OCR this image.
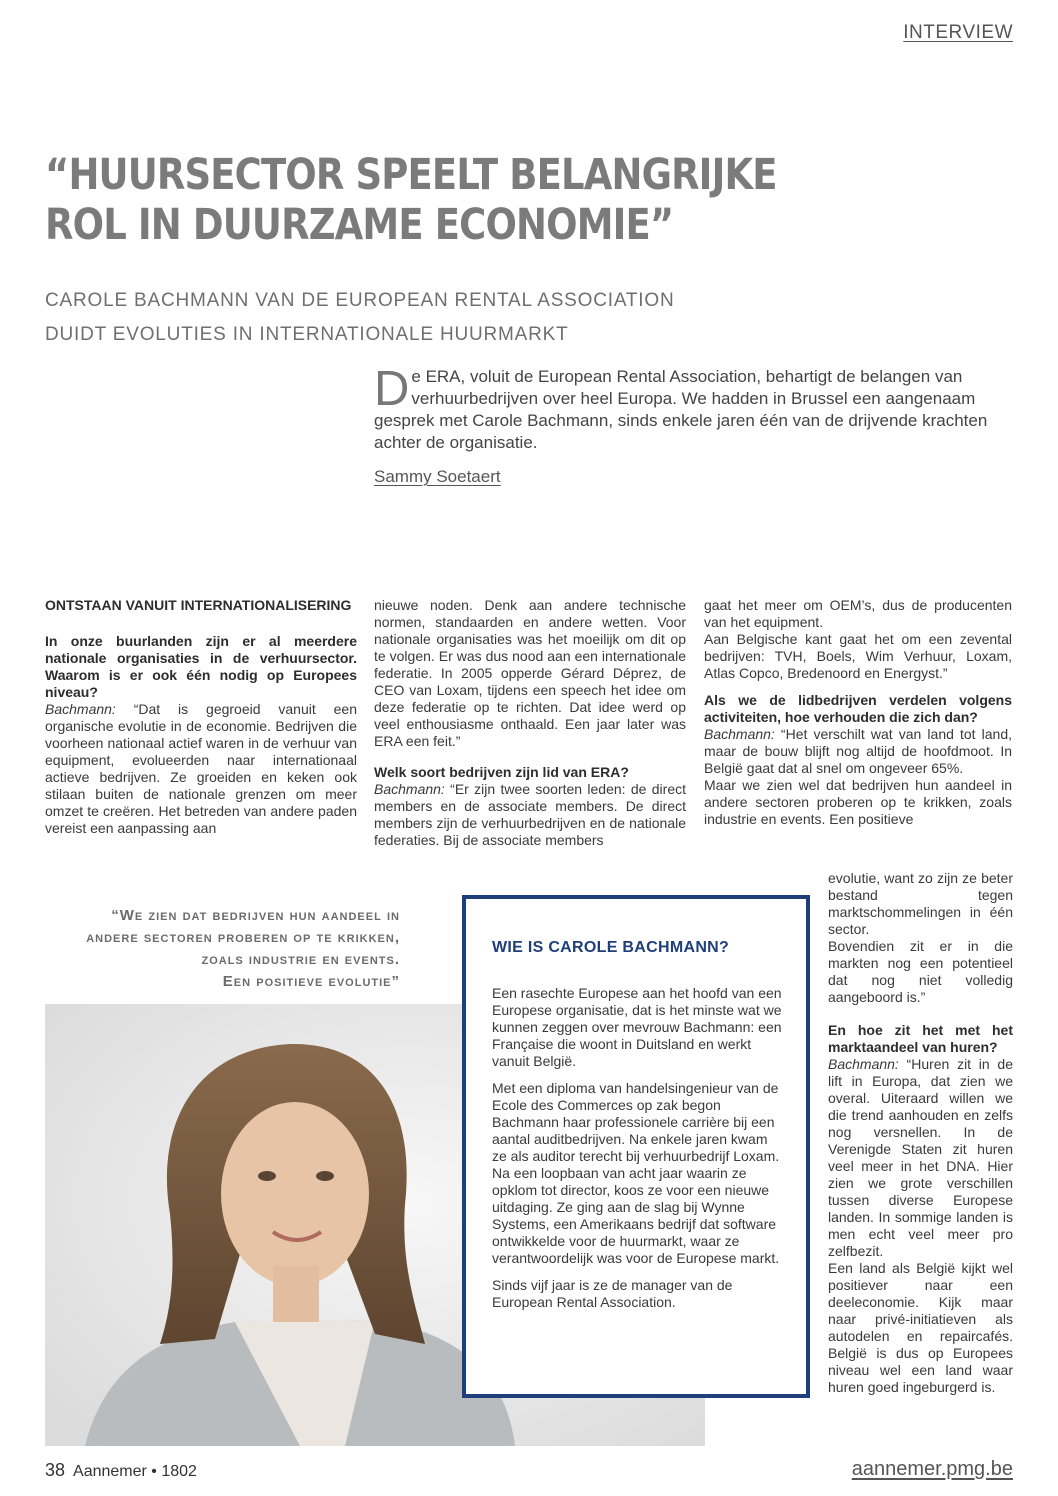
INTERVIEW
“HUURSECTOR SPEELT BELANGRIJKE
ROL IN DUURZAME ECONOMIE”
CAROLE BACHMANN VAN DE EUROPEAN RENTAL ASSOCIATION
DUIDT EVOLUTIES IN INTERNATIONALE HUURMARKT
De ERA, voluit de European Rental Association, behartigt de belangen van verhuurbedrijven over heel Europa. We hadden in Brussel een aangenaam gesprek met Carole Bachmann, sinds enkele jaren één van de drijvende krachten achter de organisatie.
Sammy Soetaert

ONTSTAAN VANUIT INTERNATIONALISERING

In onze buurlanden zijn er al meerdere nationale organisaties in de verhuursector. Waarom is er ook één nodig op Europees niveau?

Bachmann: “Dat is gegroeid vanuit een organische evolutie in de economie. Bedrijven die voorheen nationaal actief waren in de verhuur van equipment, evolueerden naar internationaal actieve bedrijven. Ze groeiden en keken ook stilaan buiten de nationale grenzen om meer omzet te creëren. Het betreden van andere paden vereist een aanpassing aan

nieuwe noden. Denk aan andere technische normen, standaarden en andere wetten. Voor nationale organisaties was het moeilijk om dit op te volgen. Er was dus nood aan een internationale federatie. In 2005 opperde Gérard Déprez, de CEO van Loxam, tijdens een speech het idee om deze federatie op te richten. Dat idee werd op veel enthousiasme onthaald. Een jaar later was ERA een feit.”

Welk soort bedrijven zijn lid van ERA?

Bachmann: “Er zijn twee soorten leden: de direct members en de associate members. De direct members zijn de verhuurbedrijven en de nationale federaties. Bij de associate members

gaat het meer om OEM’s, dus de producenten van het equipment.

Aan Belgische kant gaat het om een zevental bedrijven: TVH, Boels, Wim Verhuur, Loxam, Atlas Copco, Bredenoord en Energyst.”

Als we de lidbedrijven verdelen volgens activiteiten, hoe verhouden die zich dan?

Bachmann: “Het verschilt wat van land tot land, maar de bouw blijft nog altijd de hoofdmoot. In België gaat dat al snel om ongeveer 65%.

Maar we zien wel dat bedrijven hun aandeel in andere sectoren proberen op te krikken, zoals industrie en events. Een positieve

evolutie, want zo zijn ze beter bestand tegen marktschommelingen in één sector.

Bovendien zit er in die markten nog een potentieel dat nog niet volledig aangeboord is.”

En hoe zit het met het marktaandeel van huren?

Bachmann: “Huren zit in de lift in Europa, dat zien we overal. Uiteraard willen we die trend aanhouden en zelfs nog versnellen. In de Verenigde Staten zit huren veel meer in het DNA. Hier zien we grote verschillen tussen diverse Europese landen. In sommige landen is men echt veel meer pro zelfbezit.

Een land als België kijkt wel positiever naar een deeleconomie. Kijk maar naar privé-initiatieven als autodelen en repaircafés. België is dus op Europees niveau wel een land waar huren goed ingeburgerd is.

“We zien dat bedrijven hun aandeel in
andere sectoren proberen op te krikken,
zoals industrie en events.
Een positieve evolutie”
WIE IS CAROLE BACHMANN?

Een rasechte Europese aan het hoofd van een Europese organisatie, dat is het minste wat we kunnen zeggen over mevrouw Bachmann: een Française die woont in Duitsland en werkt vanuit België.

Met een diploma van handelsingenieur van de Ecole des Commerces op zak begon Bachmann haar professionele carrière bij een aantal auditbedrijven. Na enkele jaren kwam ze als auditor terecht bij verhuurbedrijf Loxam. Na een loopbaan van acht jaar waarin ze opklom tot director, koos ze voor een nieuwe uitdaging. Ze ging aan de slag bij Wynne Systems, een Amerikaans bedrijf dat software ontwikkelde voor de huurmarkt, waar ze verantwoordelijk was voor de Europese markt.

Sinds vijf jaar is ze de manager van de European Rental Association.

38 Aannemer • 1802	aannemer.pmg.be
